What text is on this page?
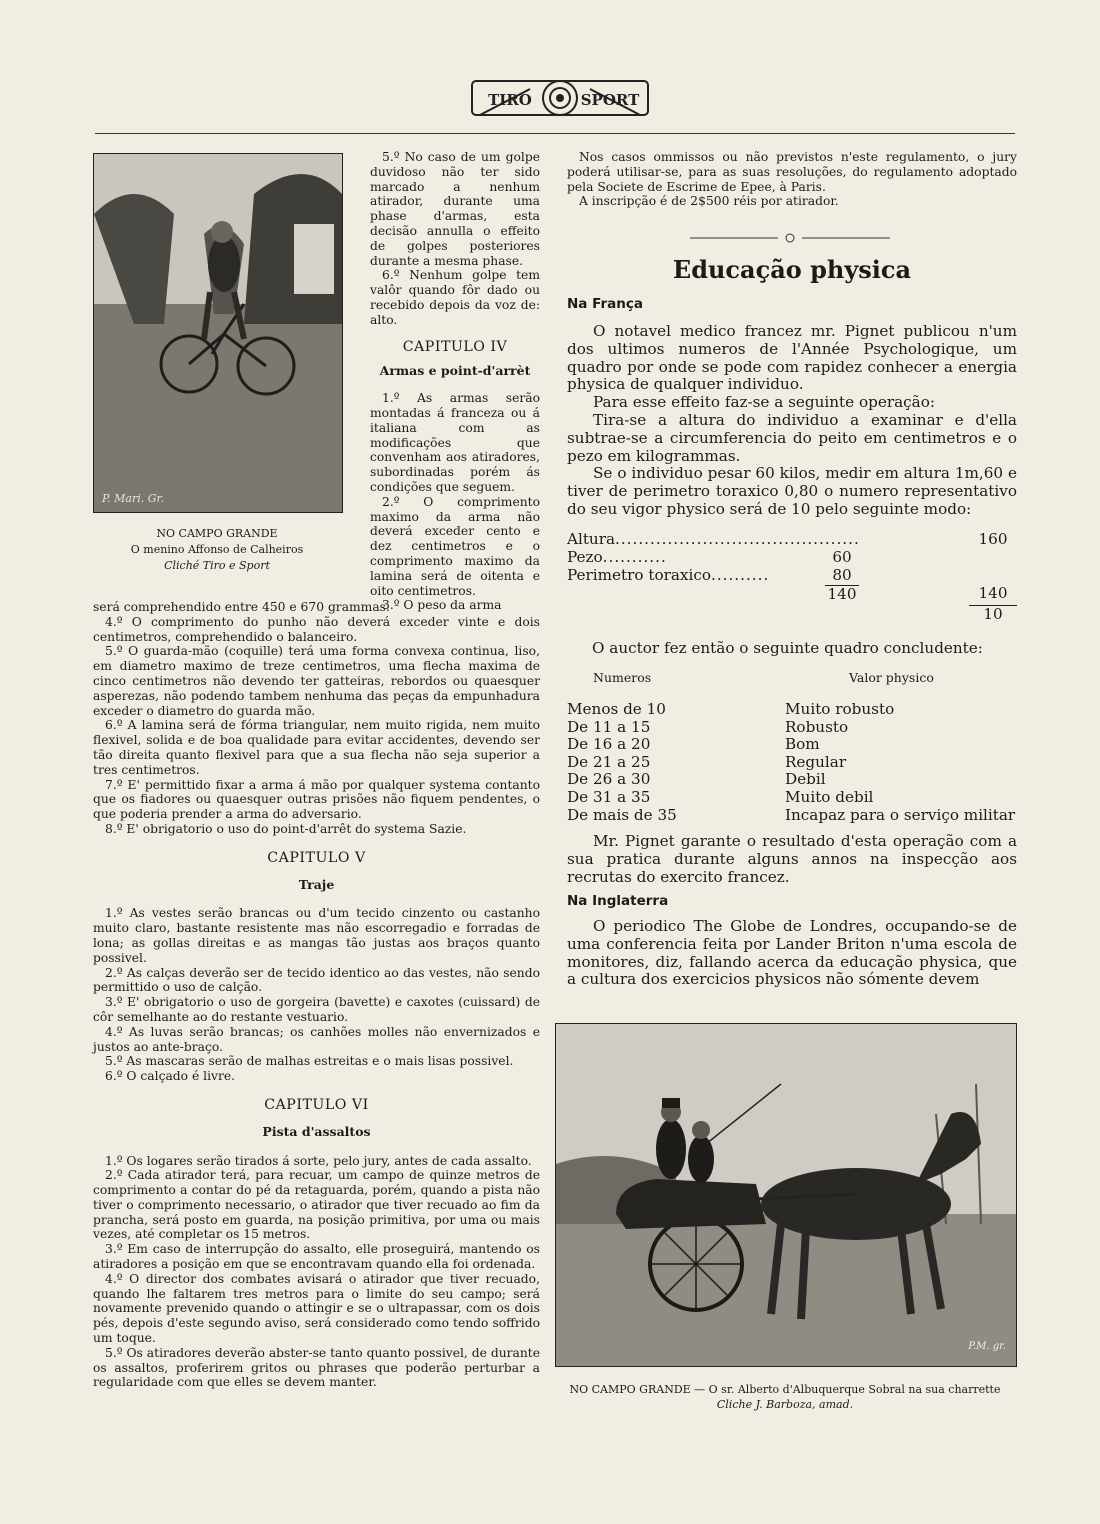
TIRO	SPORT
P. Mari. Gr.
NO CAMPO GRANDE
O menino Affonso de Calheiros
Cliché Tiro e Sport

5.º No caso de um golpe duvidoso não ter sido marcado a nenhum atirador, durante uma phase d'armas, esta decisão annulla o effeito de golpes posteriores durante a mesma phase.

6.º Nenhum golpe tem valôr quando fôr dado ou recebido depois da voz de: alto.

CAPITULO IV

Armas e point-d'arrèt

1.º As armas serão montadas á franceza ou á italiana com as modificações que convenham aos atiradores, subordinadas porém ás condições que seguem.

2.º O comprimento maximo da arma não deverá exceder cento e dez centimetros e o comprimento maximo da lamina será de oitenta e oito centimetros.

3.º O peso da arma

será comprehendido entre 450 e 670 grammas.

4.º O comprimento do punho não deverá exceder vinte e dois centimetros, comprehendido o balanceiro.

5.º O guarda-mão (coquille) terá uma forma convexa continua, liso, em diametro maximo de treze centimetros, uma flecha maxima de cinco centimetros não devendo ter gatteiras, rebordos ou quaesquer asperezas, não podendo tambem nenhuma das peças da empunhadura exceder o diametro do guarda mão.

6.º A lamina será de fórma triangular, nem muito rigida, nem muito flexivel, solida e de boa qualidade para evitar accidentes, devendo ser tão direita quanto flexivel para que a sua flecha não seja superior a tres centimetros.

7.º E' permittido fixar a arma á mão por qualquer systema contanto que os fiadores ou quaesquer outras prisões não fiquem pendentes, o que poderia prender a arma do adversario.

8.º E' obrigatorio o uso do point-d'arrêt do systema Sazie.

CAPITULO V

Traje

1.º As vestes serão brancas ou d'um tecido cinzento ou castanho muito claro, bastante resistente mas não escorregadio e forradas de lona; as gollas direitas e as mangas tão justas aos braços quanto possivel.

2.º As calças deverão ser de tecido identico ao das vestes, não sendo permittido o uso de calção.

3.º E' obrigatorio o uso de gorgeira (bavette) e caxotes (cuissard) de côr semelhante ao do restante vestuario.

4.º As luvas serão brancas; os canhões molles não envernizados e justos ao ante-braço.

5.º As mascaras serão de malhas estreitas e o mais lisas possivel.

6.º O calçado é livre.

CAPITULO VI

Pista d'assaltos

1.º Os logares serão tirados á sorte, pelo jury, antes de cada assalto.

2.º Cada atirador terá, para recuar, um campo de quinze metros de comprimento a contar do pé da retaguarda, porém, quando a pista não tiver o comprimento necessario, o atirador que tiver recuado ao fim da prancha, será posto em guarda, na posição primitiva, por uma ou mais vezes, até completar os 15 metros.

3.º Em caso de interrupção do assalto, elle proseguirá, mantendo os atiradores a posição em que se encontravam quando ella foi ordenada.

4.º O director dos combates avisará o atirador que tiver recuado, quando lhe faltarem tres metros para o limite do seu campo; será novamente prevenido quando o attingir e se o ultrapassar, com os dois pés, depois d'este segundo aviso, será considerado como tendo soffrido um toque.

5.º Os atiradores deverão abster-se tanto quanto possivel, de durante os assaltos, proferirem gritos ou phrases que poderão perturbar a regularidade com que elles se devem manter.

Nos casos ommissos ou não previstos n'este regulamento, o jury poderá utilisar-se, para as suas resoluções, do regulamento adoptado pela Societe de Escrime de Epee, à Paris.

A inscripção é de 2$500 réis por atirador.

Educação physica
Na França

O notavel medico francez mr. Pignet publicou n'um dos ultimos numeros de l'Année Psychologique, um quadro por onde se pode com rapidez conhecer a energia physica de qualquer individuo.

Para esse effeito faz-se a seguinte operação:

Tira-se a altura do individuo a examinar e d'ella subtrae-se a circumferencia do peito em centimetros e o pezo em kilogrammas.

Se o individuo pesar 60 kilos, medir em altura 1m,60 e tiver de perimetro toraxico 0,80 o numero representativo do seu vigor physico será de 10 pelo seguinte modo:

Altura..........................................	160
Pezo...........	60
Perimetro toraxico..........	80
140	140
10
O auctor fez então o seguinte quadro concludente:
Numeros	Valor physico
Menos de 10	Muito robusto
De 11 a 15	Robusto
De 16 a 20	Bom
De 21 a 25	Regular
De 26 a 30	Debil
De 31 a 35	Muito debil
De mais de 35	Incapaz para o serviço militar

Mr. Pignet garante o resultado d'esta operação com a sua pratica durante alguns annos na inspecção aos recrutas do exercito francez.

Na Inglaterra

O periodico The Globe de Londres, occupando-se de uma conferencia feita por Lander Briton n'uma escola de monitores, diz, fallando acerca da educação physica, que a cultura dos exercicios physicos não sómente devem

P.M. gr.
NO CAMPO GRANDE — O sr. Alberto d'Albuquerque Sobral na sua charrette
Cliche J. Barboza, amad.
